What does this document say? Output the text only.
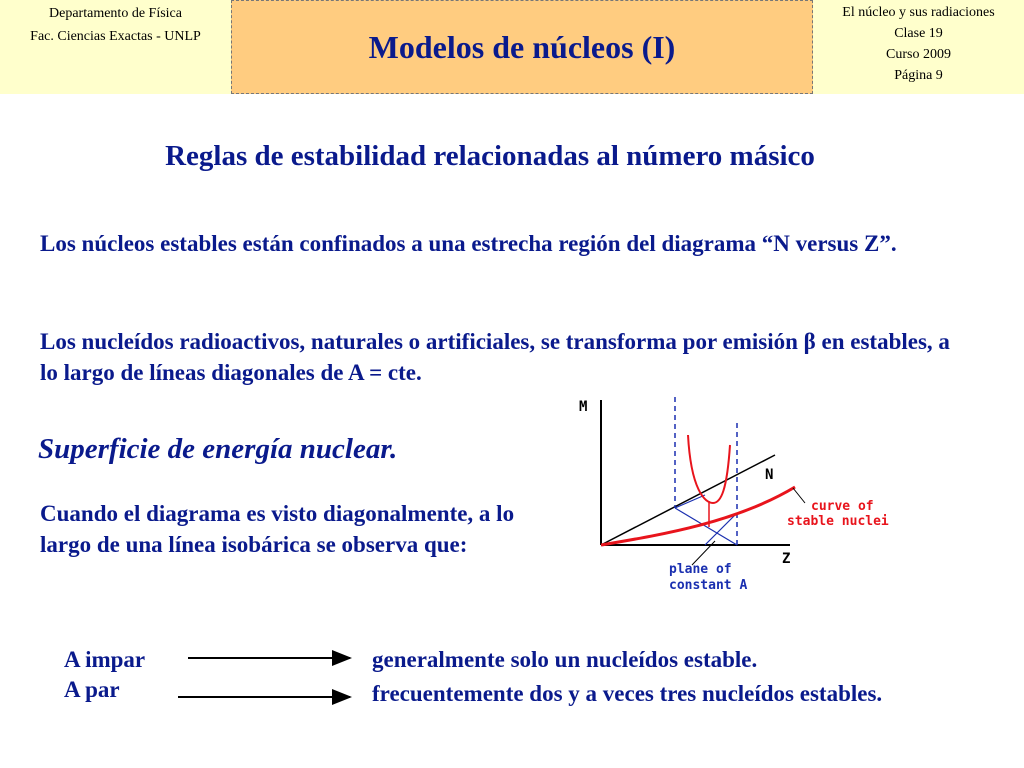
Departamento de Física
Fac. Ciencias Exactas - UNLP	Modelos de núcleos (I)
El núcleo y sus radiaciones
Clase 19
Curso 2009
Página 9
Reglas de estabilidad relacionadas al número másico
Los núcleos estables están confinados a una estrecha región del diagrama “N versus Z”.
Los nucleídos radioactivos, naturales o artificiales, se transforma por emisión β en estables, a lo largo de líneas diagonales de A = cte.
Superficie de energía nuclear.
Cuando el diagrama es visto diagonalmente, a lo largo de una línea isobárica se observa que:
A impar
A par
generalmente solo un nucleídos estable.
frecuentemente dos y a veces tres nucleídos estables.
M
Z
N
curve of
stable nuclei
plane of
constant A
